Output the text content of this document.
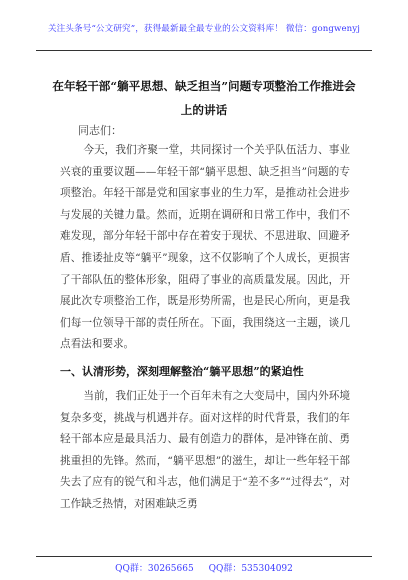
关注头条号“公文研究”，获得最新最全最专业的公文资料库！ 微信：gongwenyj
在年轻干部“躺平思想、缺乏担当”问题专项整治工作推进会上的讲话
同志们：
今天，我们齐聚一堂，共同探讨一个关乎队伍活力、事业兴衰的重要议题——年轻干部“躺平思想、缺乏担当”问题的专项整治。年轻干部是党和国家事业的生力军，是推动社会进步与发展的关键力量。然而，近期在调研和日常工作中，我们不难发现，部分年轻干部中存在着安于现状、不思进取、回避矛盾、推诿扯皮等“躺平”现象，这不仅影响了个人成长，更损害了干部队伍的整体形象，阻碍了事业的高质量发展。因此，开展此次专项整治工作，既是形势所需，也是民心所向，更是我们每一位领导干部的责任所在。下面，我围绕这一主题，谈几点看法和要求。
一、认清形势，深刻理解整治“躺平思想”的紧迫性
当前，我们正处于一个百年未有之大变局中，国内外环境复杂多变，挑战与机遇并存。面对这样的时代背景，我们的年轻干部本应是最具活力、最有创造力的群体，是冲锋在前、勇挑重担的先锋。然而，“躺平思想”的滋生，却让一些年轻干部失去了应有的锐气和斗志，他们满足于“差不多”“过得去”，对工作缺乏热情，对困难缺乏勇
QQ群：30265665 QQ群：535304092
